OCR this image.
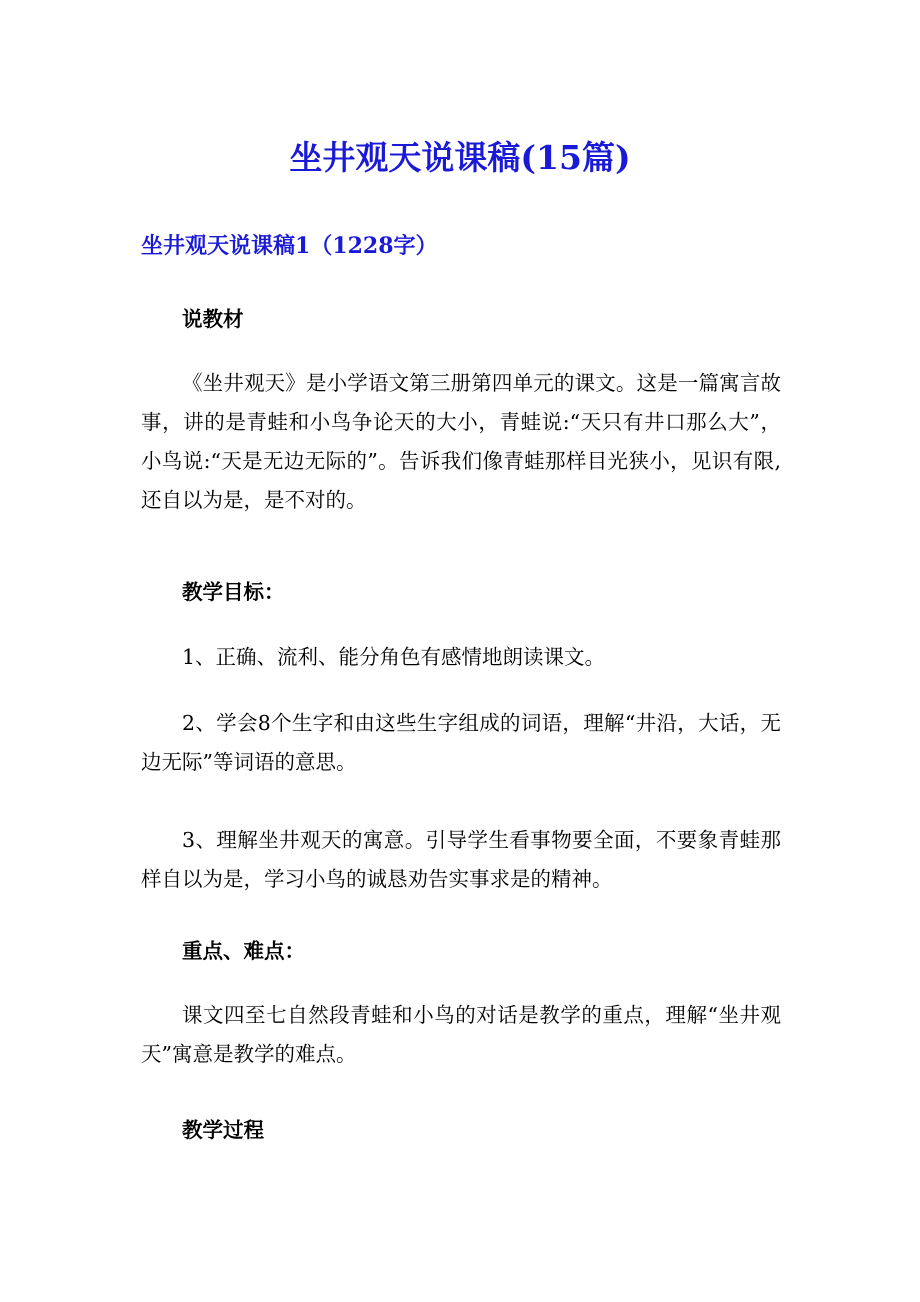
坐井观天说课稿(15篇)
坐井观天说课稿1（1228字）

说教材

《坐井观天》是小学语文第三册第四单元的课文。这是一篇寓言故事，讲的是青蛙和小鸟争论天的大小，青蛙说:“天只有井口那么大”，小鸟说:“天是无边无际的”。告诉我们像青蛙那样目光狭小，见识有限,还自以为是，是不对的。

教学目标：

1、正确、流利、能分角色有感情地朗读课文。

2、学会8个生字和由这些生字组成的词语，理解“井沿，大话，无边无际”等词语的意思。

3、理解坐井观天的寓意。引导学生看事物要全面，不要象青蛙那样自以为是，学习小鸟的诚恳劝告实事求是的精神。

重点、难点：

课文四至七自然段青蛙和小鸟的对话是教学的重点，理解“坐井观天”寓意是教学的难点。

教学过程
